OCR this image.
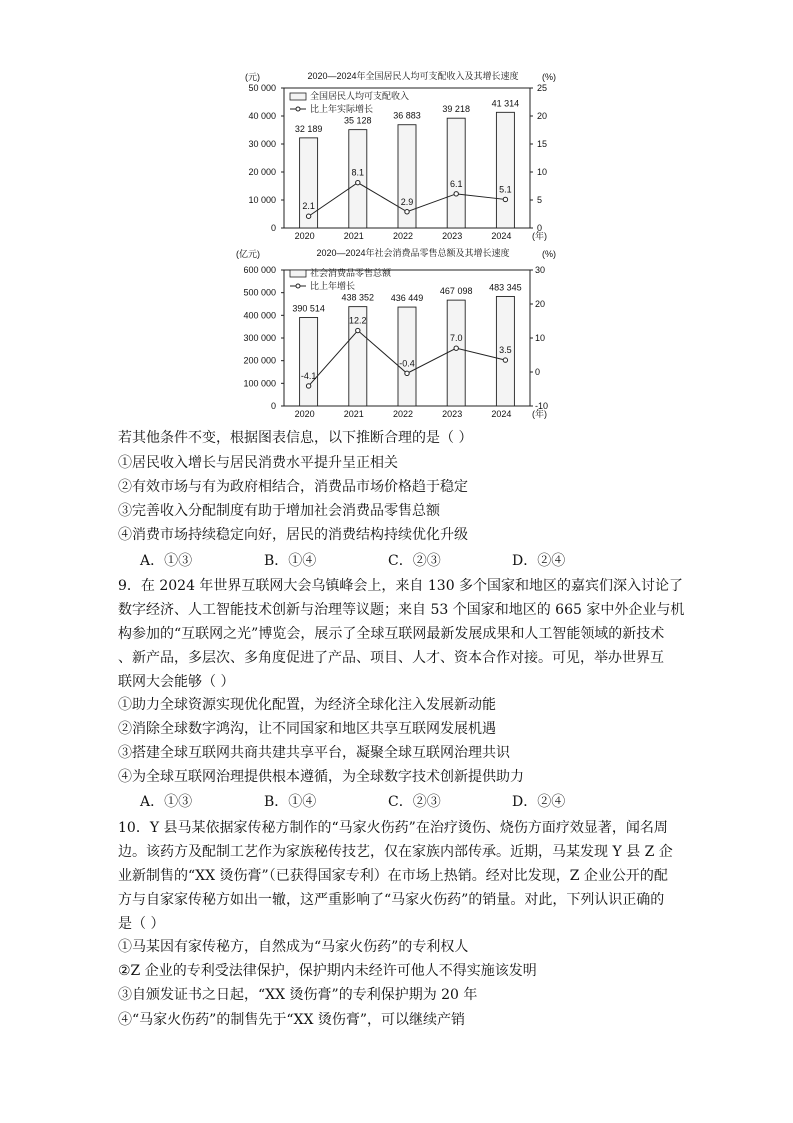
2020—2024年全国居民人均可支配收入及其增长速度
(元)	(%)
0
10 000
20 000
30 000
40 000
50 000
0
5
10
15
20
25
32 189
35 128 36 883
39 218
41 314
2020	2021	2022	2023	2024 (年)
2.1
8.1
2.9
6.1
5.1
全国居民人均可支配收入
比上年实际增长
2020—2024年社会消费品零售总额及其增长速度
(亿元)	(%)
0
100 000
200 000
300 000
400 000
500 000
600 000
-10
0
10
20
30
390 514
438 352 436 449
467 098 483 345
2020	2021	2022	2023	2024 (年)
-4.1
12.2
-0.4
7.0
3.5
社会消费品零售总额
比上年增长
若其他条件不变，根据图表信息，以下推断合理的是（ ）
①居民收入增长与居民消费水平提升呈正相关
②有效市场与有为政府相结合，消费品市场价格趋于稳定
③完善收入分配制度有助于增加社会消费品零售总额
④消费市场持续稳定向好，居民的消费结构持续优化升级
A．①③	B．①④	C．②③	D．②④
9．在 2024 年世界互联网大会乌镇峰会上，来自 130 多个国家和地区的嘉宾们深入讨论了
数字经济、人工智能技术创新与治理等议题；来自 53 个国家和地区的 665 家中外企业与机
构参加的“互联网之光”博览会，展示了全球互联网最新发展成果和人工智能领域的新技术
、新产品，多层次、多角度促进了产品、项目、人才、资本合作对接。可见，举办世界互
联网大会能够（ ）
①助力全球资源实现优化配置，为经济全球化注入发展新动能
②消除全球数字鸿沟，让不同国家和地区共享互联网发展机遇
③搭建全球互联网共商共建共享平台，凝聚全球互联网治理共识
④为全球互联网治理提供根本遵循，为全球数字技术创新提供助力
A．①③	B．①④	C．②③	D．②④
10．Y 县马某依据家传秘方制作的“马家火伤药”在治疗烫伤、烧伤方面疗效显著，闻名周
边。该药方及配制工艺作为家族秘传技艺，仅在家族内部传承。近期，马某发现 Y 县 Z 企
业新制售的“XX 烫伤膏”（已获得国家专利）在市场上热销。经对比发现，Z 企业公开的配
方与自家家传秘方如出一辙，这严重影响了“马家火伤药”的销量。对此，下列认识正确的
是（ ）
①马某因有家传秘方，自然成为“马家火伤药”的专利权人
②Z 企业的专利受法律保护，保护期内未经许可他人不得实施该发明
③自颁发证书之日起，“XX 烫伤膏”的专利保护期为 20 年
④“马家火伤药”的制售先于“XX 烫伤膏”，可以继续产销
